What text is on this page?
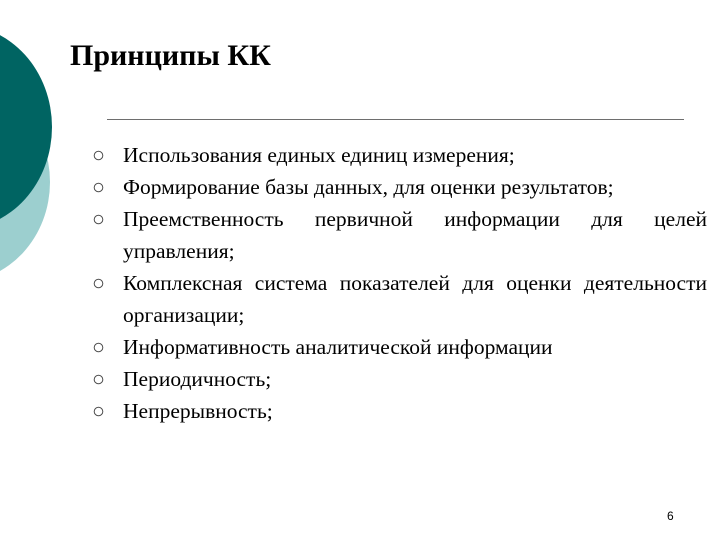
Принципы КК
Использования единых единиц измерения;
Формирование базы данных, для оценки результатов;
Преемственность первичной информации для целей управления;
Комплексная система показателей для оценки деятельности организации;
Информативность аналитической информации
Периодичность;
Непрерывность;
6
